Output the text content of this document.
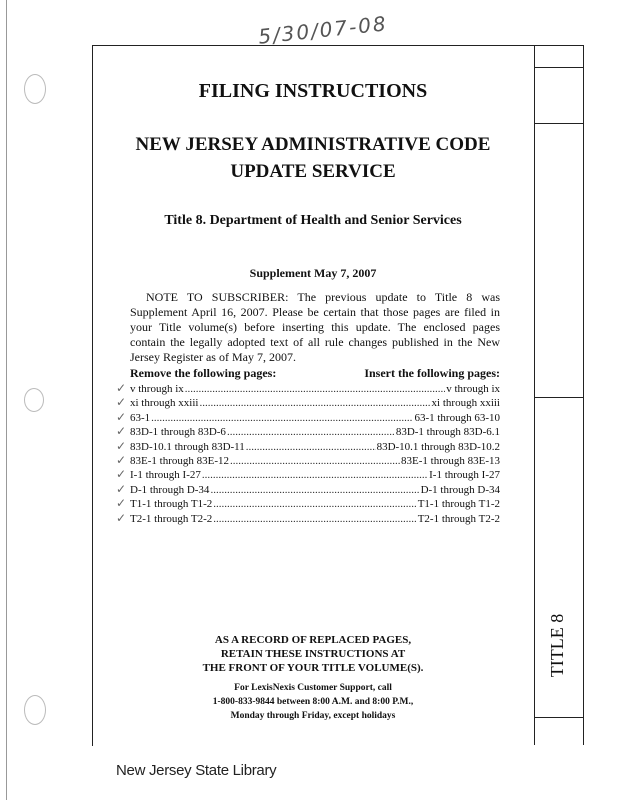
5/30/07-08
TITLE 8
FILING INSTRUCTIONS
NEW JERSEY ADMINISTRATIVE CODE
UPDATE SERVICE
Title 8. Department of Health and Senior Services
Supplement May 7, 2007
NOTE TO SUBSCRIBER: The previous update to Title 8 was Supplement April 16, 2007. Please be certain that those pages are filed in your Title volume(s) before inserting this update. The enclosed pages contain the legally adopted text of all rule changes published in the New Jersey Register as of May 7, 2007.
Remove the following pages:	Insert the following pages:
v through ix .....	v through ix
xi through xxiii .....	xi through xxiii
63-1 .....	63-1 through 63-10
83D-1 through 83D-6 .....	83D-1 through 83D-6.1
83D-10.1 through 83D-11 .....	83D-10.1 through 83D-10.2
83E-1 through 83E-12 .....	83E-1 through 83E-13
I-1 through I-27 .....	I-1 through I-27
D-1 through D-34 .....	D-1 through D-34
T1-1 through T1-2 .....	T1-1 through T1-2
T2-1 through T2-2 .....	T2-1 through T2-2
AS A RECORD OF REPLACED PAGES,
RETAIN THESE INSTRUCTIONS AT
THE FRONT OF YOUR TITLE VOLUME(S).
For LexisNexis Customer Support, call
1-800-833-9844 between 8:00 A.M. and 8:00 P.M.,
Monday through Friday, except holidays
New Jersey State Library
✓
✓
✓
✓
✓
✓
✓
✓
✓
✓
